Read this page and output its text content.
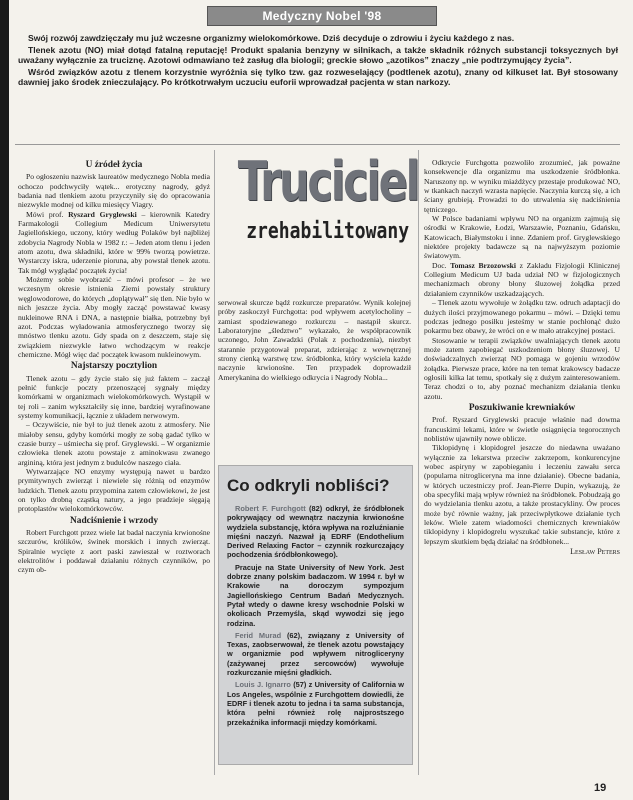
Medyczny Nobel '98

Swój rozwój zawdzięczały mu już wczesne organizmy wielokomórkowe. Dziś decyduje o zdrowiu i życiu każdego z nas.

Tlenek azotu (NO) miał dotąd fatalną reputację! Produkt spalania benzyny w silnikach, a także składnik różnych substancji toksycznych był uważany wyłącznie za truciznę. Azotowi odmawiano też zasług dla biologii; greckie słowo „azotikos” znaczy „nie podtrzymujący życia”.

Wśród związków azotu z tlenem korzystnie wyróżnia się tylko tzw. gaz rozweselający (podtlenek azotu), znany od kilkuset lat. Był stosowany dawniej jako środek znieczulający. Po krótkotrwałym uczuciu euforii wprowadzał pacjenta w stan narkozy.

U źródeł życia

Po ogłoszeniu nazwisk laureatów medycznego Nobla media ochoczo podchwyciły wątek... erotyczny nagrody, gdyż badania nad tlenkiem azotu przyczyniły się do opracowania niezwykle modnej od kilku miesięcy Viagry.

Mówi prof. Ryszard Gryglewski – kierownik Katedry Farmakologii Collegium Medicum Uniwersytetu Jagiellońskiego, uczony, który według Polaków był najbliżej zdobycia Nagrody Nobla w 1982 r.: – Jeden atom tlenu i jeden atom azotu, dwa składniki, które w 99% tworzą powietrze. Wystarczy iskra, uderzenie pioruna, aby powstał tlenek azotu. Tak mógł wyglądać początek życia!

Możemy sobie wyobrazić – mówi profesor – że we wczesnym okresie istnienia Ziemi powstały struktury węglowodorowe, do których „doplątywał” się tlen. Nie było w nich jeszcze życia. Aby mogły zacząć powstawać kwasy nukleinowe RNA i DNA, a następnie białka, potrzebny był azot. Podczas wyładowania atmosferycznego tworzy się mnóstwo tlenku azotu. Gdy spada on z deszczem, staje się związkiem niezwykle łatwo wchodzącym w reakcje chemiczne. Mógł więc dać początek kwasom nukleinowym.

Najstarszy pocztylion

Tlenek azotu – gdy życie stało się już faktem – zaczął pełnić funkcje poczty przenoszącej sygnały między komórkami w organizmach wielokomórkowych. Wystąpił w tej roli – zanim wykształciły się inne, bardziej wyrafinowane systemy komunikacji, łącznie z układem nerwowym.

– Oczywiście, nie był to już tlenek azotu z atmosfery. Nie miałoby sensu, gdyby komórki mogły ze sobą gadać tylko w czasie burzy – uśmiecha się prof. Gryglewski. – W organizmie człowieka tlenek azotu powstaje z aminokwasu zwanego argininą, która jest jednym z budulców naszego ciała.

Wytwarzające NO enzymy występują nawet u bardzo prymitywnych zwierząt i niewiele się różnią od enzymów ludzkich. Tlenek azotu przypomina zatem człowiekowi, że jest on tylko drobną cząstką natury, a jego pradzieje sięgają protoplastów wielokomórkowców.

Nadciśnienie i wrzody

Robert Furchgott przez wiele lat badał naczynia krwionośne szczurów, królików, świnek morskich i innych zwierząt. Spiralnie wycięte z aort paski zawieszał w roztworach elektrolitów i poddawał działaniu różnych czynników, po czym ob-

Truciciel
zrehabilitowany

serwował skurcze bądź rozkurcze preparatów. Wynik kolejnej próby zaskoczył Furchgotta: pod wpływem acetylocholiny – zamiast spodziewanego rozkurczu – nastąpił skurcz. Laboratoryjne „śledztwo” wykazało, że współpracownik uczonego, John Zawadzki (Polak z pochodzenia), niezbyt starannie przygotował preparat, zdzierając z wewnętrznej strony cienką warstwę tzw. śródbłonka, który wyściela każde naczynie krwionośne. Ten przypadek doprowadził Amerykanina do wielkiego odkrycia i Nagrody Nobla...

Co odkryli nobliści?

Robert F. Furchgott (82) odkrył, że śródbłonek pokrywający od wewnątrz naczynia krwionośne wydziela substancję, która wpływa na rozluźnianie mięśni naczyń. Nazwał ją EDRF (Endothelium Derived Relaxing Factor – czynnik rozkurczający pochodzenia śródbłonkowego).

Pracuje na State University of New York. Jest dobrze znany polskim badaczom. W 1994 r. był w Krakowie na doroczym sympozjum Jagiellońskiego Centrum Badań Medycznych. Pytał wtedy o dawne kresy wschodnie Polski w okolicach Przemyśla, skąd wywodzi się jego rodzina.

Ferid Murad (62), związany z University of Texas, zaobserwował, że tlenek azotu powstający w organizmie pod wpływem nitrogliceryny (zażywanej przez sercowców) wywołuje rozkurczanie mięśni gładkich.

Louis J. Ignarro (57) z University of California w Los Angeles, wspólnie z Furchgottem dowiedli, że EDRF i tlenek azotu to jedna i ta sama substancja, która pełni również rolę najprostszego przekaźnika informacji między komórkami.

Odkrycie Furchgotta pozwoliło zrozumieć, jak poważne konsekwencje dla organizmu ma uszkodzenie śródbłonka. Naruszony np. w wyniku miażdżycy przestaje produkować NO, w tkankach naczyń wzrasta napięcie. Naczynia kurczą się, a ich ściany grubieją. Prowadzi to do utrwalenia się nadciśnienia tętniczego.

W Polsce badaniami wpływu NO na organizm zajmują się ośrodki w Krakowie, Łodzi, Warszawie, Poznaniu, Gdańsku, Katowicach, Białymstoku i inne. Zdaniem prof. Gryglewskiego niektóre projekty badawcze są na najwyższym poziomie światowym.

Doc. Tomasz Brzozowski z Zakładu Fizjologii Klinicznej Collegium Medicum UJ bada udział NO w fizjologicznych mechanizmach obrony błony śluzowej żołądka przed działaniem czynników uszkadzających.

– Tlenek azotu wywołuje w żołądku tzw. odruch adaptacji do dużych ilości przyjmowanego pokarmu – mówi. – Dzięki temu podczas jednego posiłku jesteśmy w stanie pochłonąć dużo pokarmu bez obawy, że wróci on e w mało atrakcyjnej postaci.

Stosowanie w terapii związków uwalniających tlenek azotu może zatem zapobiegać uszkodzeniom błony śluzowej. U doświadczalnych zwierząt NO pomaga w gojeniu wrzodów żołądka. Pierwsze prace, które na ten temat krakowscy badacze ogłosili kilka lat temu, spotkały się z dużym zainteresowaniem. Teraz chodzi o to, aby poznać mechanizm działania tlenku azotu.

Poszukiwanie krewniaków

Prof. Ryszard Gryglewski pracuje właśnie nad dowma francuskimi lekami, które w świetle osiągnięcia tegorocznych noblistów ujawniły nowe oblicze.

Tiklopidynę i klopidogrel jeszcze do niedawna uważano wyłącznie za lekarstwa przeciw zakrzepom, konkurencyjne wobec aspiryny w zapobieganiu i leczeniu zawału serca (popularna nitrogliceryna ma inne działanie). Obecne badania, w których uczestniczy prof. Jean-Pierre Dupin, wykazują, że oba specyfiki mają wpływ również na śródbłonek. Pobudzają go do wydzielania tlenku azotu, a także prostacykliny. Ów proces może być równie ważny, jak przeciwpłytkowe działanie tych leków. Wiele zatem wiadomości chemicznych krewniaków tiklopidyny i klopidogrelu wyszukać takie substancje, które z lepszym skutkiem będą działać na śródbłonek...

Lesław Peters
19
